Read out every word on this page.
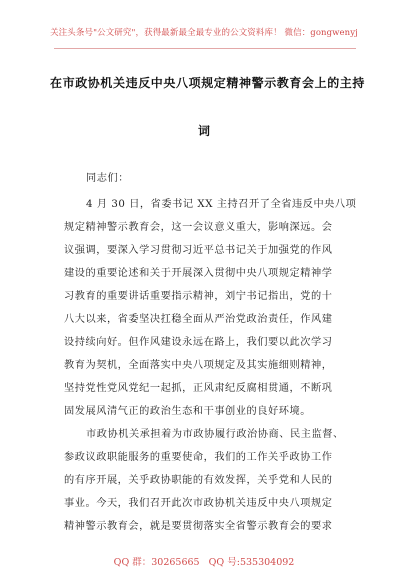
关注头条号"公文研究"，获得最新最全最专业的公文资料库！ 微信：gongwenyj
在市政协机关违反中央八项规定精神警示教育会上的主持
词
同志们：
4 月 30 日，省委书记 XX 主持召开了全省违反中央八项
规定精神警示教育会，这一会议意义重大，影响深远。会
议强调，要深入学习贯彻习近平总书记关于加强党的作风
建设的重要论述和关于开展深入贯彻中央八项规定精神学
习教育的重要讲话重要指示精神，刘宁书记指出，党的十
八大以来，省委坚决扛稳全面从严治党政治责任，作风建
设持续向好。但作风建设永远在路上，我们要以此次学习
教育为契机，全面落实中央八项规定及其实施细则精神，
坚持党性党风党纪一起抓，正风肃纪反腐相贯通，不断巩
固发展风清气正的政治生态和干事创业的良好环境。
市政协机关承担着为市政协履行政治协商、民主监督、
参政议政职能服务的重要使命，我们的工作关乎政协工作
的有序开展，关乎政协职能的有效发挥，关乎党和人民的
事业。今天，我们召开此次市政协机关违反中央八项规定
精神警示教育会，就是要贯彻落实全省警示教育会的要求
QQ 群：30265665 QQ 号:535304092
